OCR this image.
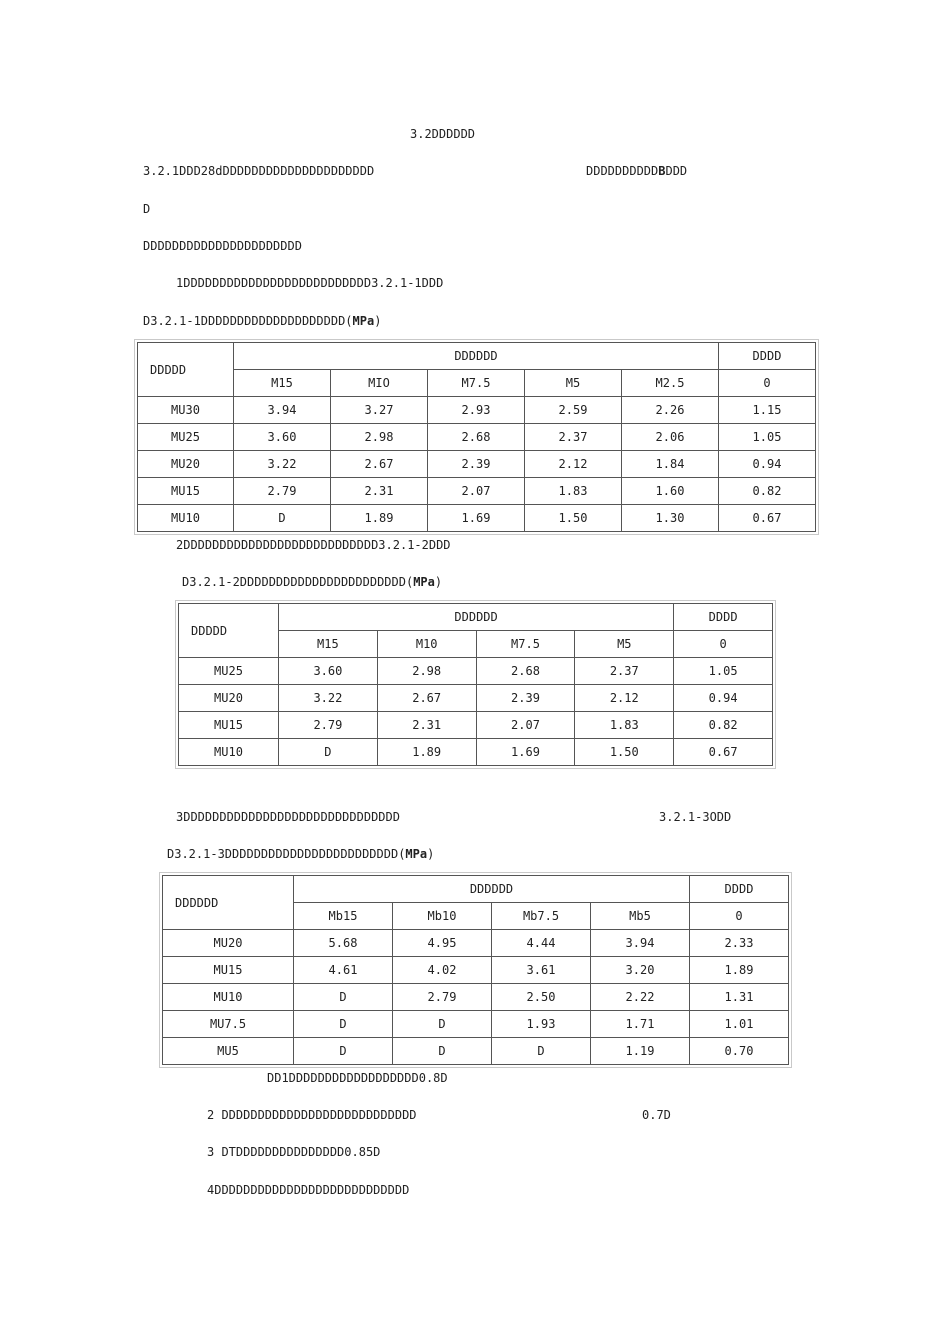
3.2DDDDDD
3.2.1DDD28dDDDDDDDDDDDDDDDDDDDDD	DDDDDDDDDDBDDD
D
DDDDDDDDDDDDDDDDDDDDDD
1DDDDDDDDDDDDDDDDDDDDDDDDDD3.2.1-1DDD
D3.2.1-1DDDDDDDDDDDDDDDDDDDD(MPa)
DDDDD	DDDDDD					DDDD
	M15	MIO	M7.5	M5	M2.5	0
MU30	3.94	3.27	2.93	2.59	2.26	1.15
MU25	3.60	2.98	2.68	2.37	2.06	1.05
MU20	3.22	2.67	2.39	2.12	1.84	0.94
MU15	2.79	2.31	2.07	1.83	1.60	0.82
MU10	D	1.89	1.69	1.50	1.30	0.67
2DDDDDDDDDDDDDDDDDDDDDDDDDDD3.2.1-2DDD
D3.2.1-2DDDDDDDDDDDDDDDDDDDDDDD(MPa)
DDDDD	DDDDDD				DDDD
	M15	M10	M7.5	M5	0
MU25	3.60	2.98	2.68	2.37	1.05
MU20	3.22	2.67	2.39	2.12	0.94
MU15	2.79	2.31	2.07	1.83	0.82
MU10	D	1.89	1.69	1.50	0.67
3DDDDDDDDDDDDDDDDDDDDDDDDDDDDDD	3.2.1-3ODD
D3.2.1-3DDDDDDDDDDDDDDDDDDDDDDDD(MPa)
DDDDDD	DDDDDD				DDDD
	Mb15	Mb10	Mb7.5	Mb5	0
MU20	5.68	4.95	4.44	3.94	2.33
MU15	4.61	4.02	3.61	3.20	1.89
MU10	D	2.79	2.50	2.22	1.31
MU7.5	D	D	1.93	1.71	1.01
MU5	D	D	D	1.19	0.70
DD1DDDDDDDDDDDDDDDDDD0.8D
2 DDDDDDDDDDDDDDDDDDDDDDDDDDD	0.7D
3 DTDDDDDDDDDDDDDDD0.85D
4DDDDDDDDDDDDDDDDDDDDDDDDDDD
